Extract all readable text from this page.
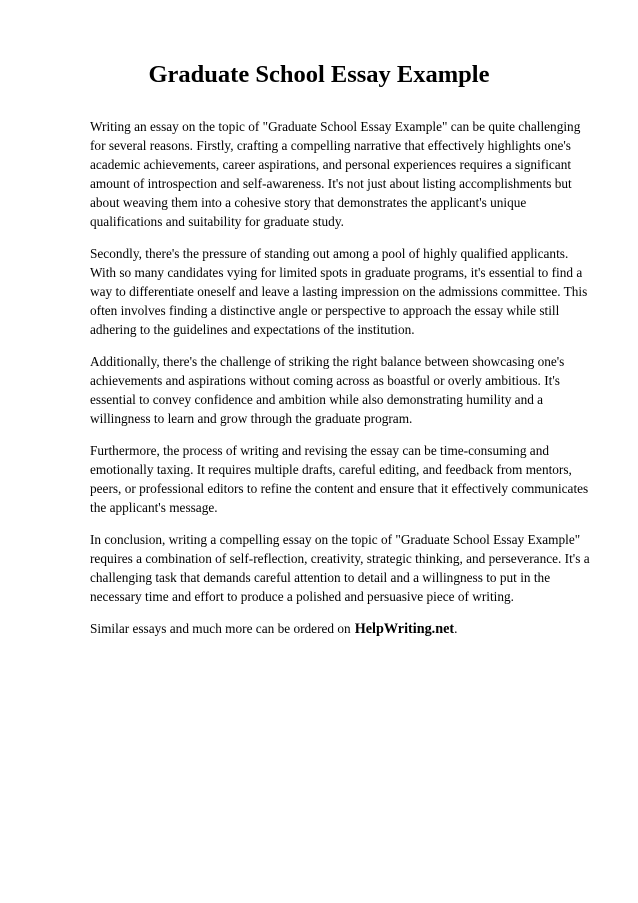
Graduate School Essay Example

Writing an essay on the topic of "Graduate School Essay Example" can be quite challenging for several reasons. Firstly, crafting a compelling narrative that effectively highlights one's academic achievements, career aspirations, and personal experiences requires a significant amount of introspection and self-awareness. It's not just about listing accomplishments but about weaving them into a cohesive story that demonstrates the applicant's unique qualifications and suitability for graduate study.

Secondly, there's the pressure of standing out among a pool of highly qualified applicants. With so many candidates vying for limited spots in graduate programs, it's essential to find a way to differentiate oneself and leave a lasting impression on the admissions committee. This often involves finding a distinctive angle or perspective to approach the essay while still adhering to the guidelines and expectations of the institution.

Additionally, there's the challenge of striking the right balance between showcasing one's achievements and aspirations without coming across as boastful or overly ambitious. It's essential to convey confidence and ambition while also demonstrating humility and a willingness to learn and grow through the graduate program.

Furthermore, the process of writing and revising the essay can be time-consuming and emotionally taxing. It requires multiple drafts, careful editing, and feedback from mentors, peers, or professional editors to refine the content and ensure that it effectively communicates the applicant's message.

In conclusion, writing a compelling essay on the topic of "Graduate School Essay Example" requires a combination of self-reflection, creativity, strategic thinking, and perseverance. It's a challenging task that demands careful attention to detail and a willingness to put in the necessary time and effort to produce a polished and persuasive piece of writing.

Similar essays and much more can be ordered on HelpWriting.net.
